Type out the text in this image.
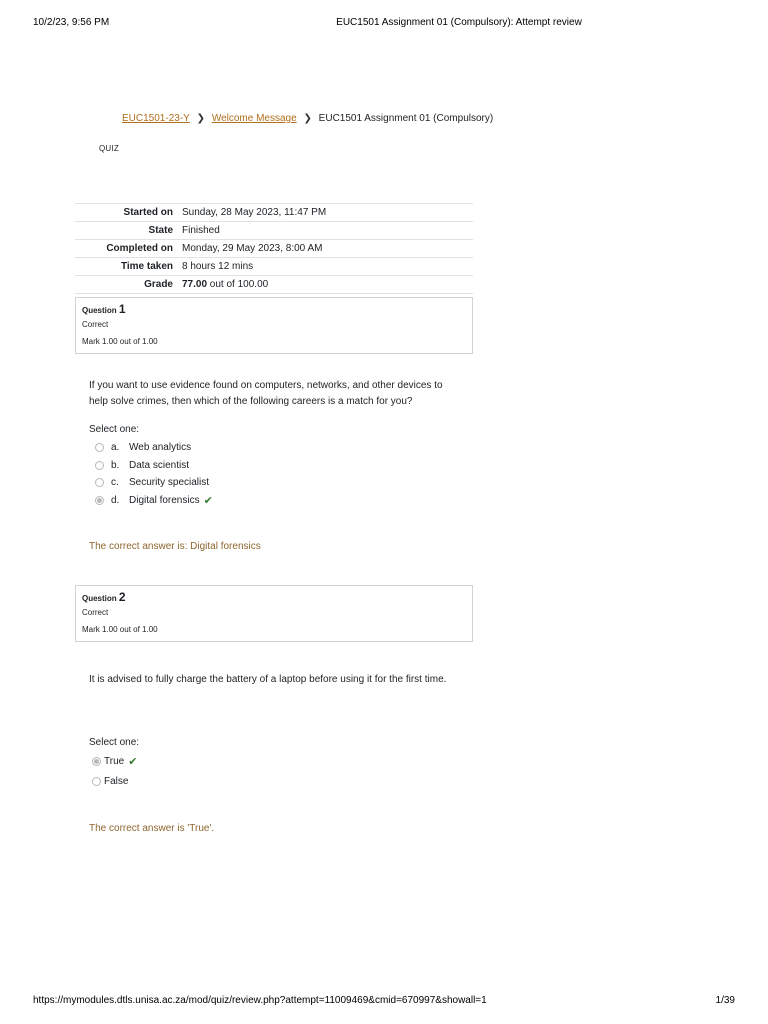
10/2/23, 9:56 PM	EUC1501 Assignment 01 (Compulsory): Attempt review
EUC1501-23-Y ❯ Welcome Message ❯ EUC1501 Assignment 01 (Compulsory)
QUIZ
Started on	Sunday, 28 May 2023, 11:47 PM
State	Finished
Completed on	Monday, 29 May 2023, 8:00 AM
Time taken	8 hours 12 mins
Grade	77.00 out of 100.00
Question 1
Correct
Mark 1.00 out of 1.00
If you want to use evidence found on computers, networks, and other devices to help solve crimes, then which of the following careers is a match for you?
Select one:
a. Web analytics
b. Data scientist
c.	Security specialist
d. Digital forensics ✔
The correct answer is: Digital forensics
Question 2
Correct
Mark 1.00 out of 1.00
It is advised to fully charge the battery of a laptop before using it for the first time.
Select one:
True ✔
False
The correct answer is 'True'.
https://mymodules.dtls.unisa.ac.za/mod/quiz/review.php?attempt=11009469&cmid=670997&showall=1	1/39
